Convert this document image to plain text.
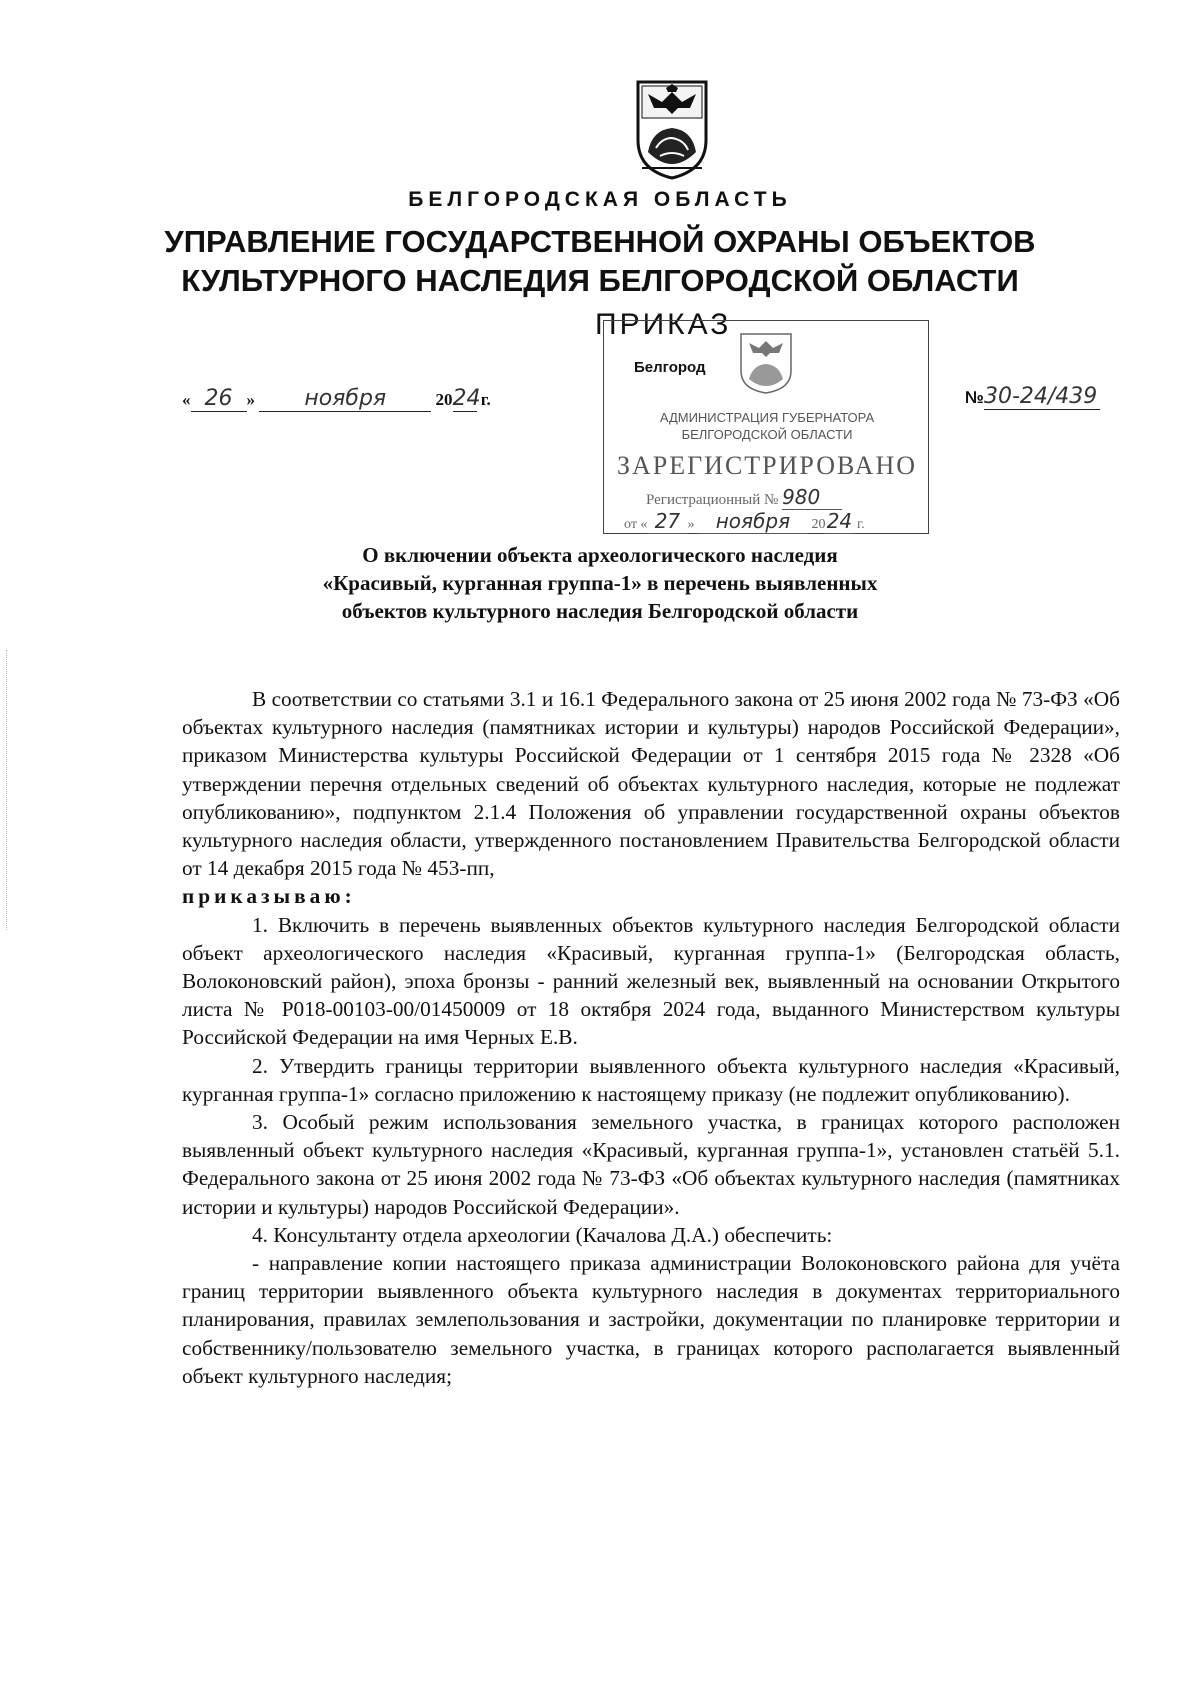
БЕЛГОРОДСКАЯ ОБЛАСТЬ
УПРАВЛЕНИЕ ГОСУДАРСТВЕННОЙ ОХРАНЫ ОБЪЕКТОВ
КУЛЬТУРНОГО НАСЛЕДИЯ БЕЛГОРОДСКОЙ ОБЛАСТИ
ПРИКАЗ
« 26 » ноября	2024 г.	№30-24/439
Белгород
АДМИНИСТРАЦИЯ ГУБЕРНАТОРА
БЕЛГОРОДСКОЙ ОБЛАСТИ
ЗАРЕГИСТРИРОВАНО
Регистрационный № 980
от « 27 » ноября 2024 г.
О включении объекта археологического наследия
«Красивый, курганная группа-1» в перечень выявленных
объектов культурного наследия Белгородской области

В соответствии со статьями 3.1 и 16.1 Федерального закона от 25 июня 2002 года № 73-ФЗ «Об объектах культурного наследия (памятниках истории и культуры) народов Российской Федерации», приказом Министерства культуры Российской Федерации от 1 сентября 2015 года № 2328 «Об утверждении перечня отдельных сведений об объектах культурного наследия, которые не подлежат опубликованию», подпунктом 2.1.4 Положения об управлении государственной охраны объектов культурного наследия области, утвержденного постановлением Правительства Белгородской области от 14 декабря 2015 года № 453-пп,

приказываю:

1. Включить в перечень выявленных объектов культурного наследия Белгородской области объект археологического наследия «Красивый, курганная группа-1» (Белгородская область, Волоконовский район), эпоха бронзы - ранний железный век, выявленный на основании Открытого листа № Р018-00103-00/01450009 от 18 октября 2024 года, выданного Министерством культуры Российской Федерации на имя Черных Е.В.

2. Утвердить границы территории выявленного объекта культурного наследия «Красивый, курганная группа-1» согласно приложению к настоящему приказу (не подлежит опубликованию).

3. Особый режим использования земельного участка, в границах которого расположен выявленный объект культурного наследия «Красивый, курганная группа-1», установлен статьёй 5.1. Федерального закона от 25 июня 2002 года № 73-ФЗ «Об объектах культурного наследия (памятниках истории и культуры) народов Российской Федерации».

4. Консультанту отдела археологии (Качалова Д.А.) обеспечить:

- направление копии настоящего приказа администрации Волоконовского района для учёта границ территории выявленного объекта культурного наследия в документах территориального планирования, правилах землепользования и застройки, документации по планировке территории и собственнику/пользователю земельного участка, в границах которого располагается выявленный объект культурного наследия;
